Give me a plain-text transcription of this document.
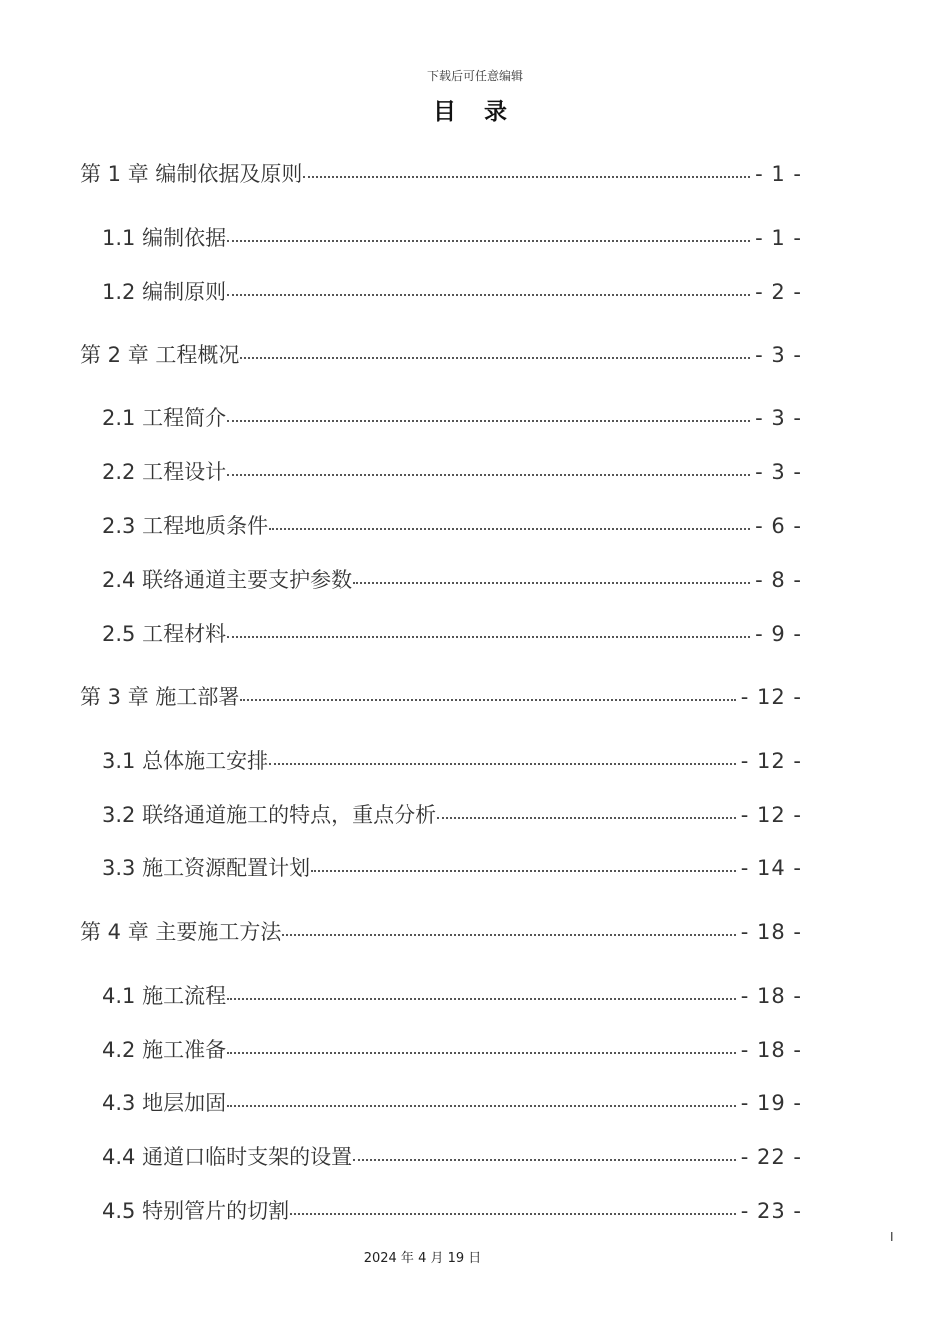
下载后可任意编辑
目 录
第 1 章 编制依据及原则	- 1 -
1.1 编制依据	- 1 -
1.2 编制原则	- 2 -
第 2 章 工程概况	- 3 -
2.1 工程简介	- 3 -
2.2 工程设计	- 3 -
2.3 工程地质条件	- 6 -
2.4 联络通道主要支护参数	- 8 -
2.5 工程材料	- 9 -
第 3 章 施工部署	- 12 -
3.1 总体施工安排	- 12 -
3.2 联络通道施工的特点，重点分析	- 12 -
3.3 施工资源配置计划	- 14 -
第 4 章 主要施工方法	- 18 -
4.1 施工流程	- 18 -
4.2 施工准备	- 18 -
4.3 地层加固	- 19 -
4.4 通道口临时支架的设置	- 22 -
4.5 特别管片的切割	- 23 -
I
2024 年 4 月 19 日
